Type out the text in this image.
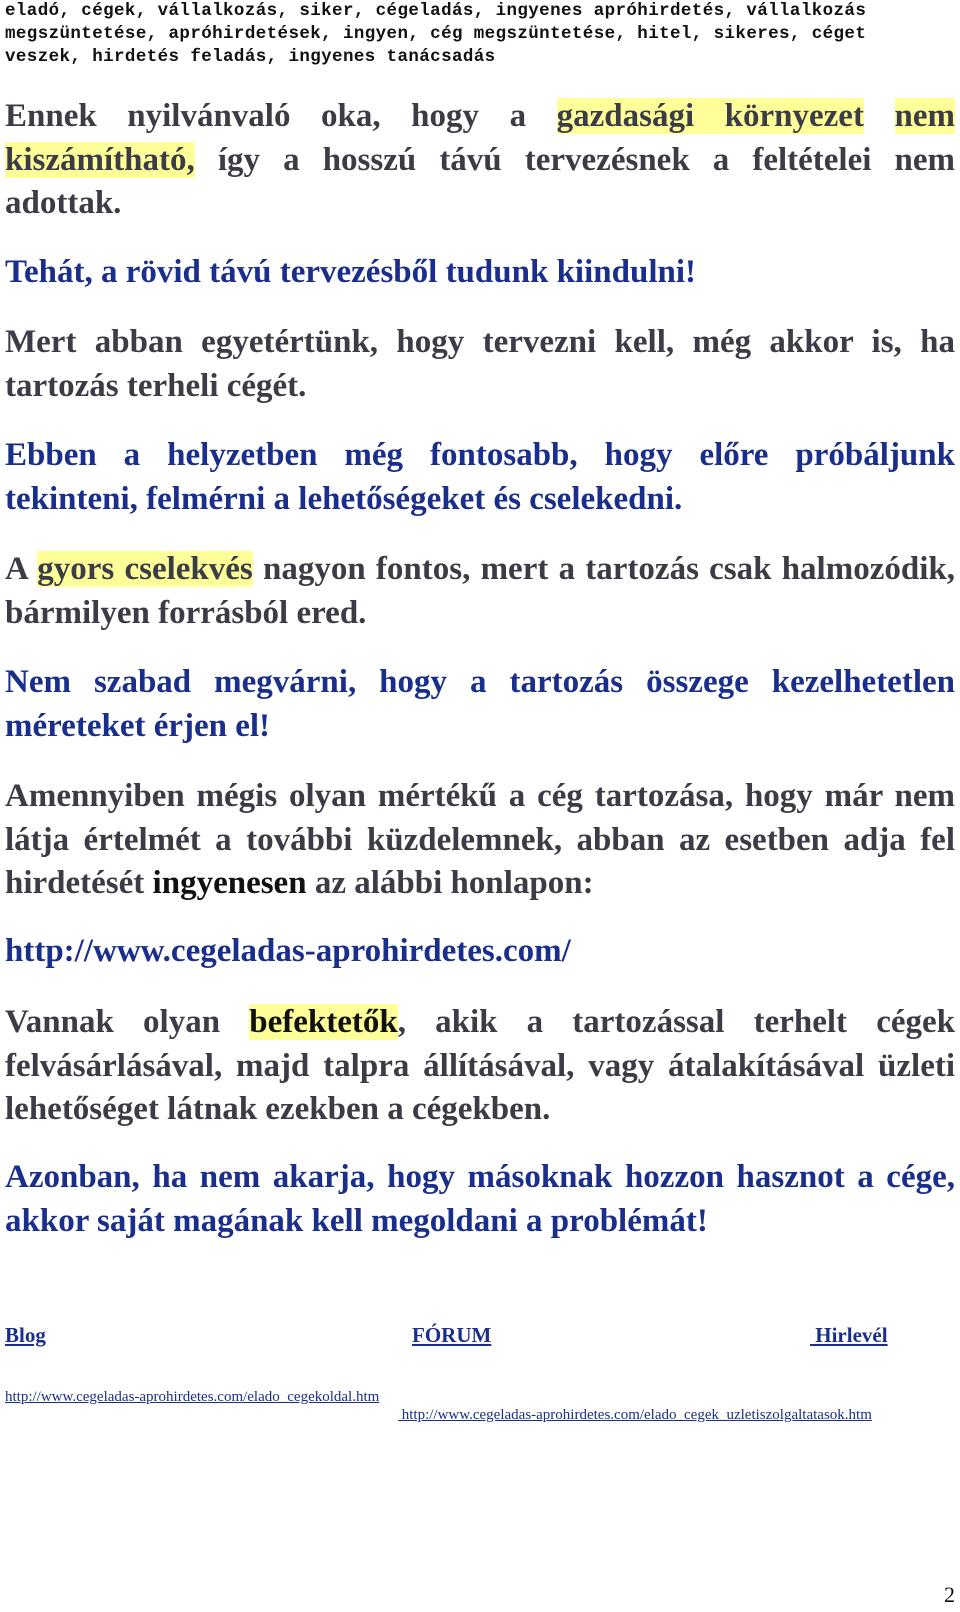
eladó, cégek, vállalkozás, siker, cégeladás, ingyenes apróhirdetés, vállalkozás megszüntetése, apróhirdetések, ingyen, cég megszüntetése, hitel, sikeres, céget veszek, hirdetés feladás, ingyenes tanácsadás

Ennek nyilvánvaló oka, hogy a gazdasági környezet nem kiszámítható, így a hosszú távú tervezésnek a feltételei nem adottak.

Tehát, a rövid távú tervezésből tudunk kiindulni!

Mert abban egyetértünk, hogy tervezni kell, még akkor is, ha tartozás terheli cégét.

Ebben a helyzetben még fontosabb, hogy előre próbáljunk tekinteni, felmérni a lehetőségeket és cselekedni.

A gyors cselekvés nagyon fontos, mert a tartozás csak halmozódik, bármilyen forrásból ered.

Nem szabad megvárni, hogy a tartozás összege kezelhetetlen méreteket érjen el!

Amennyiben mégis olyan mértékű a cég tartozása, hogy már nem látja értelmét a további küzdelemnek, abban az esetben adja fel hirdetését ingyenesen az alábbi honlapon:

http://www.cegeladas-aprohirdetes.com/

Vannak olyan befektetők, akik a tartozással terhelt cégek felvásárlásával, majd talpra állításával, vagy átalakításával üzleti lehetőséget látnak ezekben a cégekben.

Azonban, ha nem akarja, hogy másoknak hozzon hasznot a cége, akkor saját magának kell megoldani a problémát!

Blog	FÓRUM	Hirlevél
http://www.cegeladas-aprohirdetes.com/elado_cegekoldal.htm
http://www.cegeladas-aprohirdetes.com/elado_cegek_uzletiszolgaltatasok.htm
2
